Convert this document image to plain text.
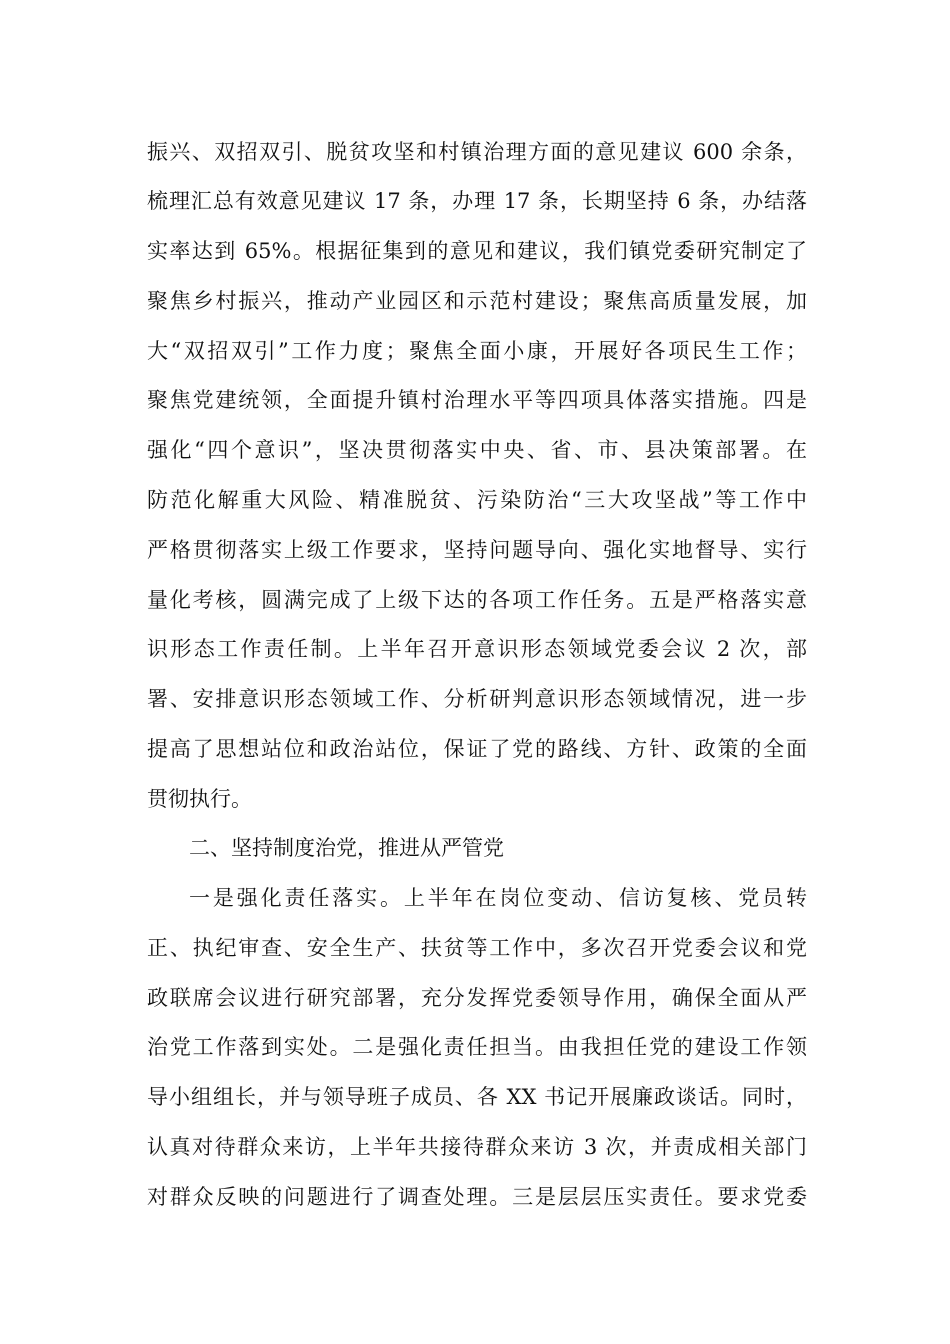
振兴、双招双引、脱贫攻坚和村镇治理方面的意见建议 600 余条，
梳理汇总有效意见建议 17 条，办理 17 条，长期坚持 6 条，办结落
实率达到 65%。根据征集到的意见和建议，我们镇党委研究制定了
聚焦乡村振兴，推动产业园区和示范村建设；聚焦高质量发展，加
大“双招双引”工作力度；聚焦全面小康，开展好各项民生工作；
聚焦党建统领，全面提升镇村治理水平等四项具体落实措施。四是
强化“四个意识”，坚决贯彻落实中央、省、市、县决策部署。在
防范化解重大风险、精准脱贫、污染防治“三大攻坚战”等工作中
严格贯彻落实上级工作要求，坚持问题导向、强化实地督导、实行
量化考核，圆满完成了上级下达的各项工作任务。五是严格落实意
识形态工作责任制。上半年召开意识形态领域党委会议 2 次，部
署、安排意识形态领域工作、分析研判意识形态领域情况，进一步
提高了思想站位和政治站位，保证了党的路线、方针、政策的全面
贯彻执行。
二、坚持制度治党，推进从严管党
一是强化责任落实。上半年在岗位变动、信访复核、党员转
正、执纪审查、安全生产、扶贫等工作中，多次召开党委会议和党
政联席会议进行研究部署，充分发挥党委领导作用，确保全面从严
治党工作落到实处。二是强化责任担当。由我担任党的建设工作领
导小组组长，并与领导班子成员、各 XX 书记开展廉政谈话。同时，
认真对待群众来访，上半年共接待群众来访 3 次，并责成相关部门
对群众反映的问题进行了调查处理。三是层层压实责任。要求党委
